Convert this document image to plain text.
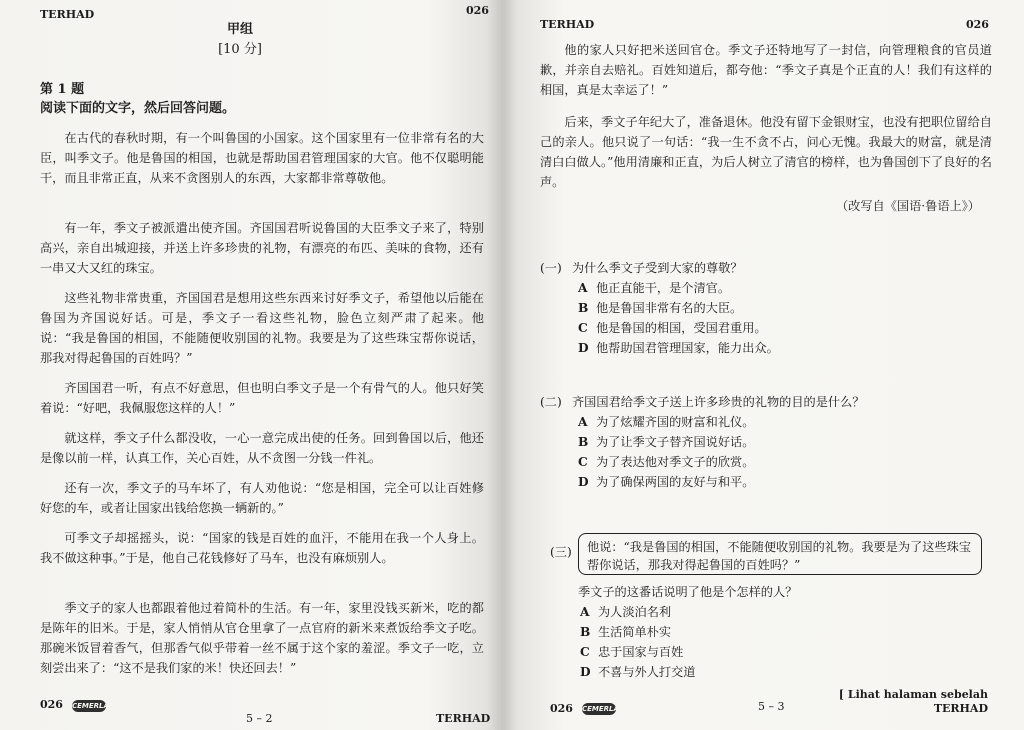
TERHAD	026
甲组
[10 分]
第 1 题
阅读下面的文字，然后回答问题。

在古代的春秋时期，有一个叫鲁国的小国家。这个国家里有一位非常有名的大臣，叫季文子。他是鲁国的相国，也就是帮助国君管理国家的大官。他不仅聪明能干，而且非常正直，从来不贪图别人的东西，大家都非常尊敬他。

有一年，季文子被派遣出使齐国。齐国国君听说鲁国的大臣季文子来了，特别高兴，亲自出城迎接，并送上许多珍贵的礼物，有漂亮的布匹、美味的食物，还有一串又大又红的珠宝。

这些礼物非常贵重，齐国国君是想用这些东西来讨好季文子，希望他以后能在鲁国为齐国说好话。可是，季文子一看这些礼物，脸色立刻严肃了起来。他说：“我是鲁国的相国，不能随便收别国的礼物。我要是为了这些珠宝帮你说话，那我对得起鲁国的百姓吗？”

齐国国君一听，有点不好意思，但也明白季文子是一个有骨气的人。他只好笑着说：“好吧，我佩服您这样的人！”

就这样，季文子什么都没收，一心一意完成出使的任务。回到鲁国以后，他还是像以前一样，认真工作，关心百姓，从不贪图一分钱一件礼。

还有一次，季文子的马车坏了，有人劝他说：“您是相国，完全可以让百姓修好您的车，或者让国家出钱给您换一辆新的。”

可季文子却摇摇头，说：“国家的钱是百姓的血汗，不能用在我一个人身上。我不做这种事。”于是，他自己花钱修好了马车，也没有麻烦别人。

季文子的家人也都跟着他过着简朴的生活。有一年，家里没钱买新米，吃的都是陈年的旧米。于是，家人悄悄从官仓里拿了一点官府的新米来煮饭给季文子吃。那碗米饭冒着香气，但那香气似乎带着一丝不属于这个家的羞涩。季文子一吃，立刻尝出来了：“这不是我们家的米！快还回去！”

026 CEMERLANG
5 – 2	TERHAD
TERHAD	026

他的家人只好把米送回官仓。季文子还特地写了一封信，向管理粮食的官员道歉，并亲自去赔礼。百姓知道后，都夸他：“季文子真是个正直的人！我们有这样的相国，真是太幸运了！”

后来，季文子年纪大了，准备退休。他没有留下金银财宝，也没有把职位留给自己的亲人。他只说了一句话：“我一生不贪不占，问心无愧。我最大的财富，就是清清白白做人。”他用清廉和正直，为后人树立了清官的榜样，也为鲁国创下了良好的名声。

（改写自《国语·鲁语上》）
(一) 为什么季文子受到大家的尊敬？
A 他正直能干，是个清官。
B 他是鲁国非常有名的大臣。
C 他是鲁国的相国，受国君重用。
D 他帮助国君管理国家，能力出众。
(二) 齐国国君给季文子送上许多珍贵的礼物的目的是什么？
A 为了炫耀齐国的财富和礼仪。
B 为了让季文子替齐国说好话。
C 为了表达他对季文子的欣赏。
D 为了确保两国的友好与和平。
(三)	他说：“我是鲁国的相国，不能随便收别国的礼物。我要是为了这些珠宝帮你说话，那我对得起鲁国的百姓吗？”
季文子的这番话说明了他是个怎样的人？
A 为人淡泊名利
B 生活简单朴实
C 忠于国家与百姓
D 不喜与外人打交道
026 CEMERLANG	5 – 3
[ Lihat halaman sebelah
TERHAD
